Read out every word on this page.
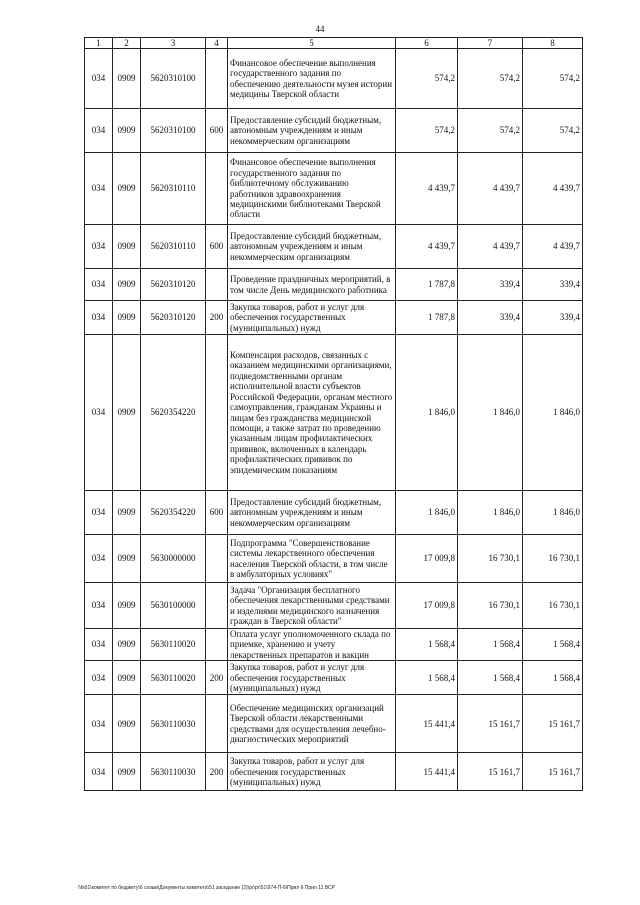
44
1	2	3	4	5	6	7	8
034	0909	5620310100		Финансовое обеспечение выполнения государственного задания по обеспечению деятельности музея истории медицины Тверской области	574,2	574,2	574,2
034	0909	5620310100	600	Предоставление субсидий бюджетным, автономным учреждениям и иным некоммерческим организациям	574,2	574,2	574,2
034	0909	5620310110		Финансовое обеспечение выполнения государственного задания по библиотечному обслуживанию работников здравоохранения медицинскими библиотеками Тверской области	4 439,7	4 439,7	4 439,7
034	0909	5620310110	600	Предоставление субсидий бюджетным, автономным учреждениям и иным некоммерческим организациям	4 439,7	4 439,7	4 439,7
034	0909	5620310120		Проведение праздничных мероприятий, в том числе День медицинского работника	1 787,8	339,4	339,4
034	0909	5620310120	200	Закупка товаров, работ и услуг для обеспечения государственных (муниципальных) нужд	1 787,8	339,4	339,4
034	0909	5620354220		Компенсация расходов, связанных с оказанием медицинскими организациями, подведомственными органам исполнительной власти субъектов Российской Федерации, органам местного самоуправления, гражданам Украины и лицам без гражданства медицинской помощи, а также затрат по проведению указанным лицам профилактических прививок, включенных в календарь профилактических прививок по эпидемическим показаниям	1 846,0	1 846,0	1 846,0
034	0909	5620354220	600	Предоставление субсидий бюджетным, автономным учреждениям и иным некоммерческим организациям	1 846,0	1 846,0	1 846,0
034	0909	5630000000		Подпрограмма "Совершенствование системы лекарственного обеспечения населения Тверской области, в том числе в амбулаторных условиях"	17 009,8	16 730,1	16 730,1
034	0909	5630100000		Задача "Организация бесплатного обеспечения лекарственными средствами и изделиями медицинского назначения граждан в Тверской области"	17 009,8	16 730,1	16 730,1
034	0909	5630110020		Оплата услуг уполномоченного склада по приемке, хранению и учету лекарственных препаратов и вакцин	1 568,4	1 568,4	1 568,4
034	0909	5630110020	200	Закупка товаров, работ и услуг для обеспечения государственных (муниципальных) нужд	1 568,4	1 568,4	1 568,4
034	0909	5630110030		Обеспечение медицинских организаций Тверской области лекарственными средствами для осуществления лечебно-диагностических мероприятий	15 441,4	15 161,7	15 161,7
034	0909	5630110030	200	Закупка товаров, работ и услуг для обеспечения государственных (муниципальных) нужд	15 441,4	15 161,7	15 161,7
\\fs01\комитет по бюджету\6 созыв\Документы комитета\51 заседание (2)\pr\pr\51\974-П-6\Прил 6 Прил 11 ВСР
